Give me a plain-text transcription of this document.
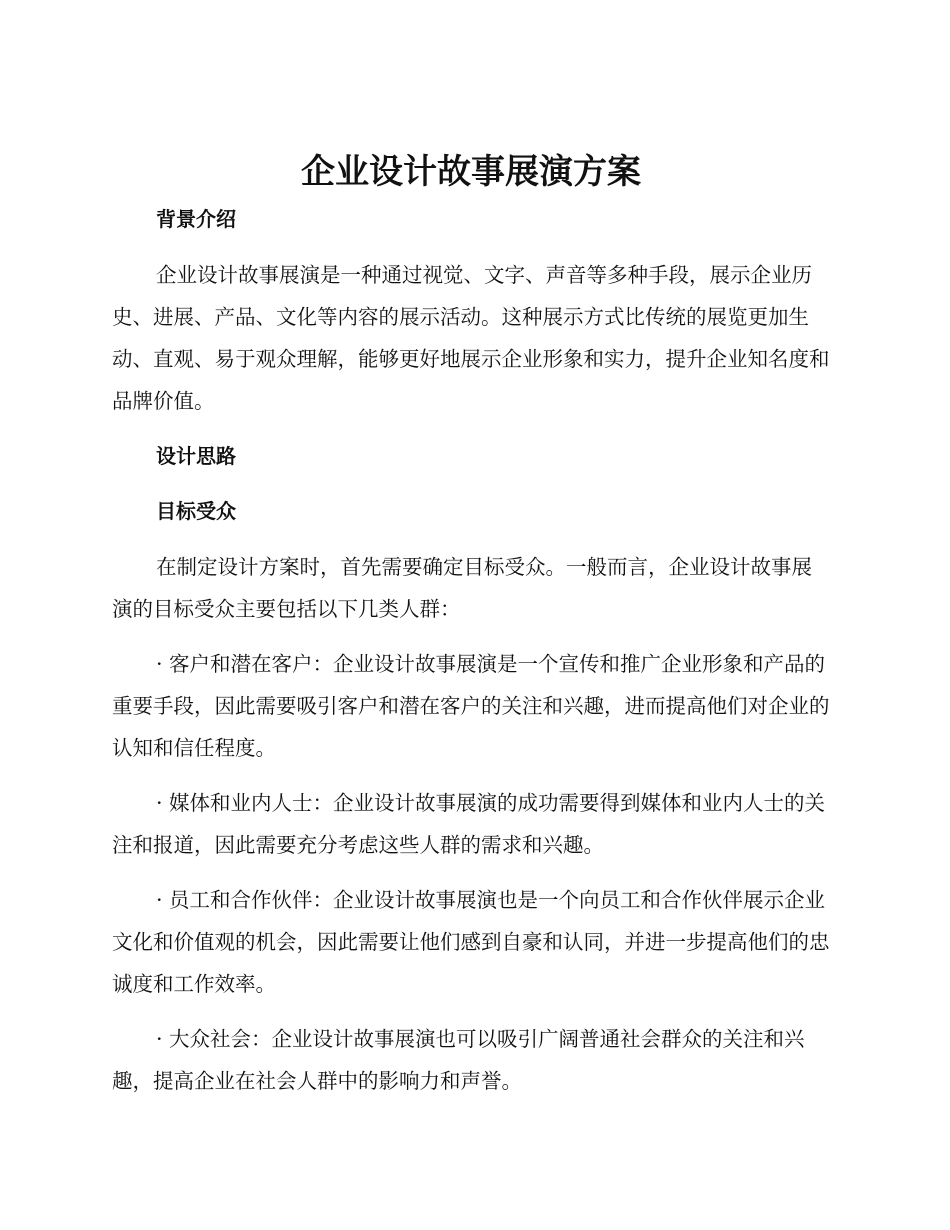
企业设计故事展演方案
背景介绍

企业设计故事展演是一种通过视觉、文字、声音等多种手段，展示企业历史、进展、产品、文化等内容的展示活动。这种展示方式比传统的展览更加生动、直观、易于观众理解，能够更好地展示企业形象和实力，提升企业知名度和品牌价值。

设计思路
目标受众

在制定设计方案时，首先需要确定目标受众。一般而言，企业设计故事展演的目标受众主要包括以下几类人群：

· 客户和潜在客户：企业设计故事展演是一个宣传和推广企业形象和产品的重要手段，因此需要吸引客户和潜在客户的关注和兴趣，进而提高他们对企业的认知和信任程度。

· 媒体和业内人士：企业设计故事展演的成功需要得到媒体和业内人士的关注和报道，因此需要充分考虑这些人群的需求和兴趣。

· 员工和合作伙伴：企业设计故事展演也是一个向员工和合作伙伴展示企业文化和价值观的机会，因此需要让他们感到自豪和认同，并进一步提高他们的忠诚度和工作效率。

· 大众社会：企业设计故事展演也可以吸引广阔普通社会群众的关注和兴趣，提高企业在社会人群中的影响力和声誉。
